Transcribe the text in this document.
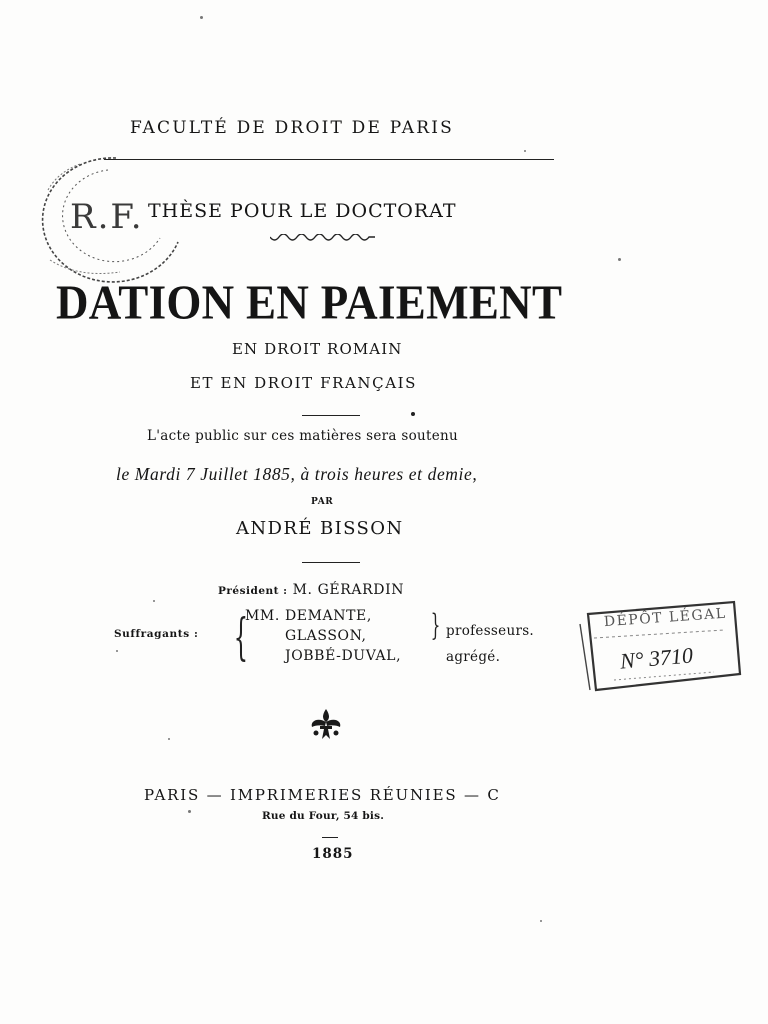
FACULTÉ DE DROIT DE PARIS
R.F. THÈSE POUR LE DOCTORAT
DATION EN PAIEMENT
EN DROIT ROMAIN
ET EN DROIT FRANÇAIS
L'acte public sur ces matières sera soutenu
le Mardi 7 Juillet 1885, à trois heures et demie,
PAR
ANDRÉ BISSON
Président : M. GÉRARDIN
Suffragants : {
MM. DEMANTE,
GLASSON,
JOBBÉ-DUVAL,
} professeurs.
agrégé.
DÉPÔT LÉGAL
N° 3710
PARIS — IMPRIMERIES RÉUNIES — C
Rue du Four, 54 bis.
1885
